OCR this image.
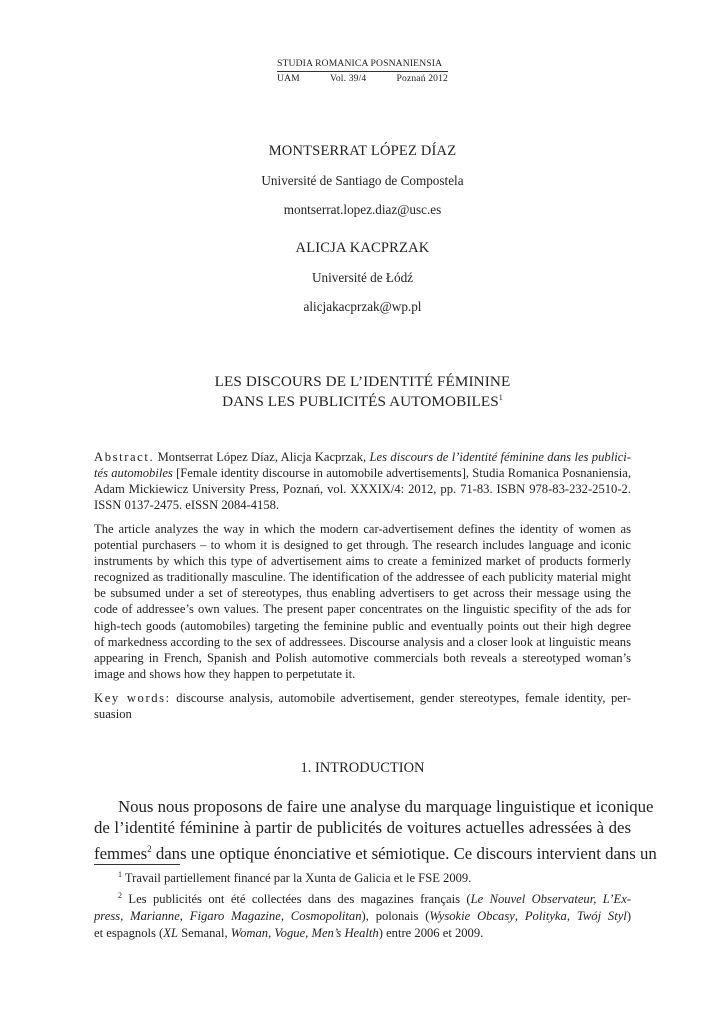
STUDIA ROMANICA POSNANIENSIA
UAM	Vol. 39/4	Poznań 2012
MONTSERRAT LÓPEZ DÍAZ
Université de Santiago de Compostela
montserrat.lopez.diaz@usc.es
ALICJA KACPRZAK
Université de Łódź
alicjakacprzak@wp.pl
LES DISCOURS DE L’IDENTITÉ FÉMININE
DANS LES PUBLICITÉS AUTOMOBILES$^1$
Abstract. Montserrat López Díaz, Alicja Kacprzak, Les discours de l’identité féminine dans les publici-
tés automobiles [Female identity discourse in automobile advertisements], Studia Romanica Posnaniensia,
Adam Mickiewicz University Press, Poznań, vol. XXXIX/4: 2012, pp. 71-83. ISBN 978-83-232-2510-2.
ISSN 0137-2475. eISSN 2084-4158.
The article analyzes the way in which the modern car-advertisement defines the identity of women as
potential purchasers – to whom it is designed to get through. The research includes language and iconic
instruments by which this type of advertisement aims to create a feminized market of products formerly
recognized as traditionally masculine. The identification of the addressee of each publicity material might
be subsumed under a set of stereotypes, thus enabling advertisers to get across their message using the
code of addressee’s own values. The present paper concentrates on the linguistic specifity of the ads for
high-tech goods (automobiles) targeting the feminine public and eventually points out their high degree
of markedness according to the sex of addressees. Discourse analysis and a closer look at linguistic means
appearing in French, Spanish and Polish automotive commercials both reveals a stereotyped woman’s
image and shows how they happen to perpetutate it.
Key words: discourse analysis, automobile advertisement, gender stereotypes, female identity, per-
suasion
1. INTRODUCTION
Nous nous proposons de faire une analyse du marquage linguistique et iconique
de l’identité féminine à partir de publicités de voitures actuelles adressées à des
femmes$^2$ dans une optique énonciative et sémiotique. Ce discours intervient dans un
$^1$ Travail partiellement financé par la Xunta de Galicia et le FSE 2009.
$^2$ Les publicités ont été collectées dans des magazines français (Le Nouvel Observateur, L’Ex-
press, Marianne, Figaro Magazine, Cosmopolitan), polonais (Wysokie Obcasy, Polityka, Twój Styl)
et espagnols (XL Semanal, Woman, Vogue, Men’s Health) entre 2006 et 2009.
